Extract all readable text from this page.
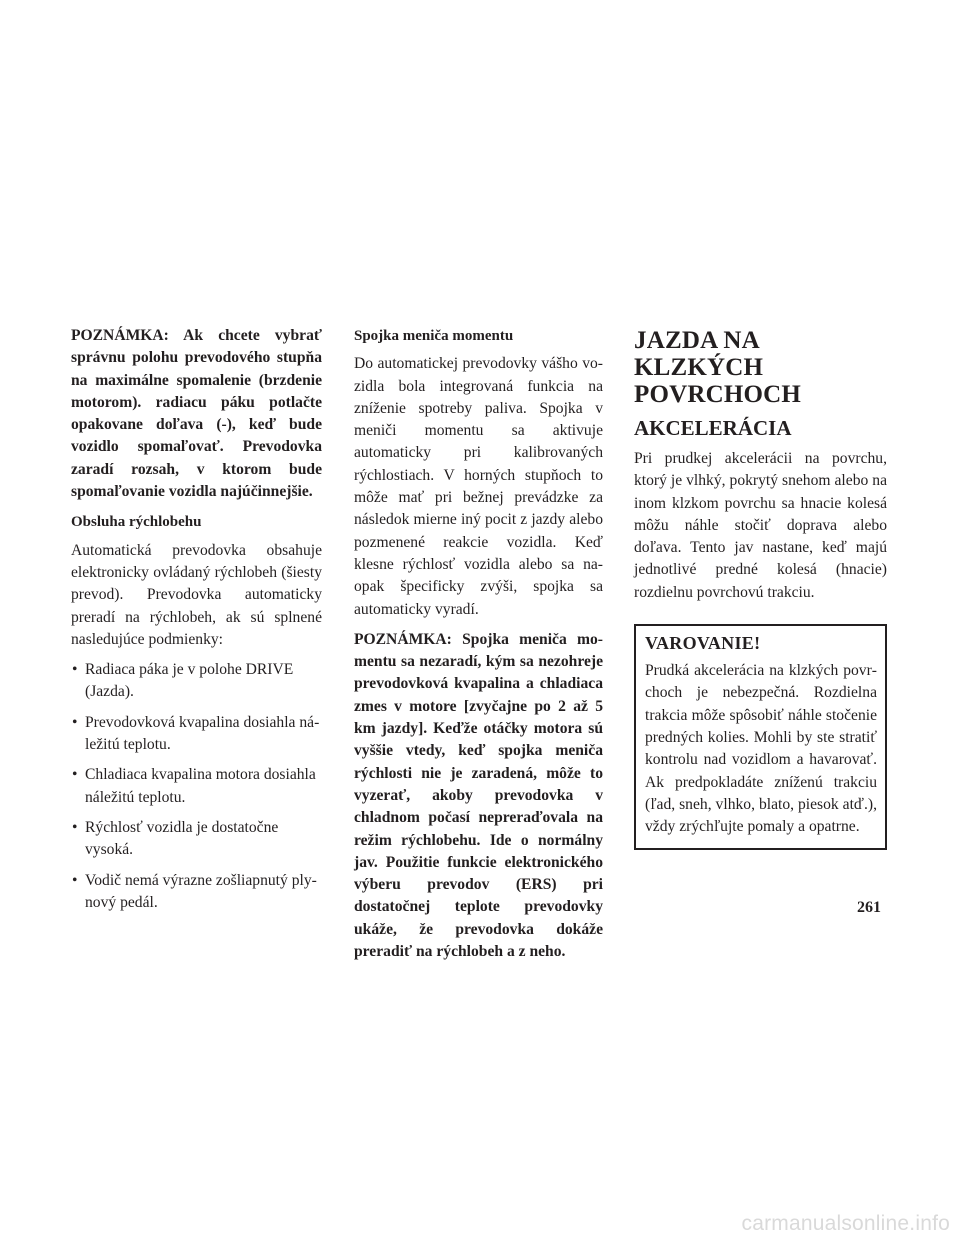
POZNÁMKA: Ak chcete vybrať správnu polohu prevodového stupňa na maximálne spomalenie (brzdenie motorom). radiacu páku potlačte opakovane doľava (-), keď bude vozidlo spomaľovať. Prevodovka zaradí rozsah, v ktorom bude spomaľovanie vozidla najúčinnejšie.

Obsluha rýchlobehu

Automatická prevodovka obsahuje elektronicky ovládaný rýchlobeh (šiesty prevod). Prevodovka automaticky preradí na rýchlobeh, ak sú splnené nasledujúce podmienky:

• Radiaca páka je v polohe DRIVE (Jazda).
• Prevodovková kvapalina dosiahla náležitú teplotu.
• Chladiaca kvapalina motora dosiahla náležitú teplotu.
• Rýchlosť vozidla je dostatočne vysoká.
• Vodič nemá výrazne zošliapnutý plynový pedál.

Spojka meniča momentu

Do automatickej prevodovky vášho vozidla bola integrovaná funkcia na zníženie spotreby paliva. Spojka v meniči momentu sa aktivuje automaticky pri kalibrovaných rýchlostiach. V horných stupňoch to môže mať pri bežnej prevádzke za následok mierne iný pocit z jazdy alebo pozmenené reakcie vozidla. Keď klesne rýchlosť vozidla alebo sa naopak špecificky zvýši, spojka sa automaticky vyradí.

POZNÁMKA: Spojka meniča momentu sa nezaradí, kým sa nezohreje prevodovková kvapalina a chladiaca zmes v motore [zvyčajne po 2 až 5 km jazdy]. Keďže otáčky motora sú vyššie vtedy, keď spojka meniča rýchlosti nie je zaradená, môže to vyzerať, akoby prevodovka v chladnom počasí nepreraďovala na režim rýchlobehu. Ide o normálny jav. Použitie funkcie elektronického výberu prevodov (ERS) pri dostatočnej teplote prevodovky ukáže, že prevodovka dokáže preradiť na rýchlobeh a z neho.

JAZDA NA KLZKÝCH POVRCHOCH
AKCELERÁCIA

Pri prudkej akcelerácii na povrchu, ktorý je vlhký, pokrytý snehom alebo na inom klzkom povrchu sa hnacie kolesá môžu náhle stočiť doprava alebo doľava. Tento jav nastane, keď majú jednotlivé predné kolesá (hnacie) rozdielnu povrchovú trakciu.

VAROVANIE!

Prudká akcelerácia na klzkých povrchoch je nebezpečná. Rozdielna trakcia môže spôsobiť náhle stočenie predných kolies. Mohli by ste stratiť kontrolu nad vozidlom a havarovať. Ak predpokladáte zníženú trakciu (ľad, sneh, vlhko, blato, piesok atď.), vždy zrýchľujte pomaly a opatrne.

261
carmanualsonline.info
